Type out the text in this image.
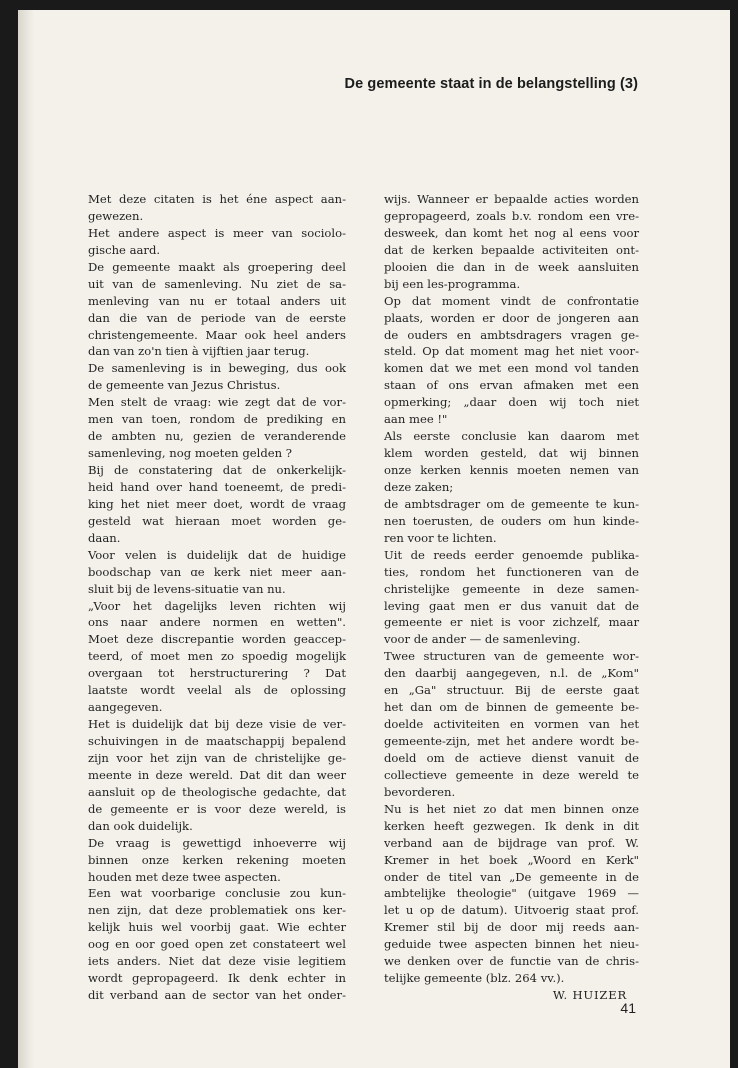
De gemeente staat in de belangstelling (3)
Met deze citaten is het éne aspect aan-
gewezen.
Het andere aspect is meer van sociolo-
gische aard.
De gemeente maakt als groepering deel
uit van de samenleving. Nu ziet de sa-
menleving van nu er totaal anders uit
dan die van de periode van de eerste
christengemeente. Maar ook heel anders
dan van zo'n tien à vijftien jaar terug.
De samenleving is in beweging, dus ook
de gemeente van Jezus Christus.
Men stelt de vraag: wie zegt dat de vor-
men van toen, rondom de prediking en
de ambten nu, gezien de veranderende
samenleving, nog moeten gelden ?
Bij de constatering dat de onkerkelijk-
heid hand over hand toeneemt, de predi-
king het niet meer doet, wordt de vraag
gesteld wat hieraan moet worden ge-
daan.
Voor velen is duidelijk dat de huidige
boodschap van ɑe kerk niet meer aan-
sluit bij de levens-situatie van nu.
„Voor het dagelijks leven richten wij
ons naar andere normen en wetten".
Moet deze discrepantie worden geaccep-
teerd, of moet men zo spoedig mogelijk
overgaan tot herstructurering ? Dat
laatste wordt veelal als de oplossing
aangegeven.
Het is duidelijk dat bij deze visie de ver-
schuivingen in de maatschappij bepalend
zijn voor het zijn van de christelijke ge-
meente in deze wereld. Dat dit dan weer
aansluit op de theologische gedachte, dat
de gemeente er is voor deze wereld, is
dan ook duidelijk.
De vraag is gewettigd inhoeverre wij
binnen onze kerken rekening moeten
houden met deze twee aspecten.
Een wat voorbarige conclusie zou kun-
nen zijn, dat deze problematiek ons ker-
kelijk huis wel voorbij gaat. Wie echter
oog en oor goed open zet constateert wel
iets anders. Niet dat deze visie legitiem
wordt gepropageerd. Ik denk echter in
dit verband aan de sector van het onder-
wijs. Wanneer er bepaalde acties worden
gepropageerd, zoals b.v. rondom een vre-
desweek, dan komt het nog al eens voor
dat de kerken bepaalde activiteiten ont-
plooien die dan in de week aansluiten
bij een les-programma.
Op dat moment vindt de confrontatie
plaats, worden er door de jongeren aan
de ouders en ambtsdragers vragen ge-
steld. Op dat moment mag het niet voor-
komen dat we met een mond vol tanden
staan of ons ervan afmaken met een
opmerking; „daar doen wij toch niet
aan mee !"
Als eerste conclusie kan daarom met
klem worden gesteld, dat wij binnen
onze kerken kennis moeten nemen van
deze zaken;
de ambtsdrager om de gemeente te kun-
nen toerusten, de ouders om hun kinde-
ren voor te lichten.
Uit de reeds eerder genoemde publika-
ties, rondom het functioneren van de
christelijke gemeente in deze samen-
leving gaat men er dus vanuit dat de
gemeente er niet is voor zichzelf, maar
voor de ander — de samenleving.
Twee structuren van de gemeente wor-
den daarbij aangegeven, n.l. de „Kom"
en „Ga" structuur. Bij de eerste gaat
het dan om de binnen de gemeente be-
doelde activiteiten en vormen van het
gemeente-zijn, met het andere wordt be-
doeld om de actieve dienst vanuit de
collectieve gemeente in deze wereld te
bevorderen.
Nu is het niet zo dat men binnen onze
kerken heeft gezwegen. Ik denk in dit
verband aan de bijdrage van prof. W.
Kremer in het boek „Woord en Kerk"
onder de titel van „De gemeente in de
ambtelijke theologie" (uitgave 1969 —
let u op de datum). Uitvoerig staat prof.
Kremer stil bij de door mij reeds aan-
geduide twee aspecten binnen het nieu-
we denken over de functie van de chris-
telijke gemeente (blz. 264 vv.).
W. HUIZER
41
